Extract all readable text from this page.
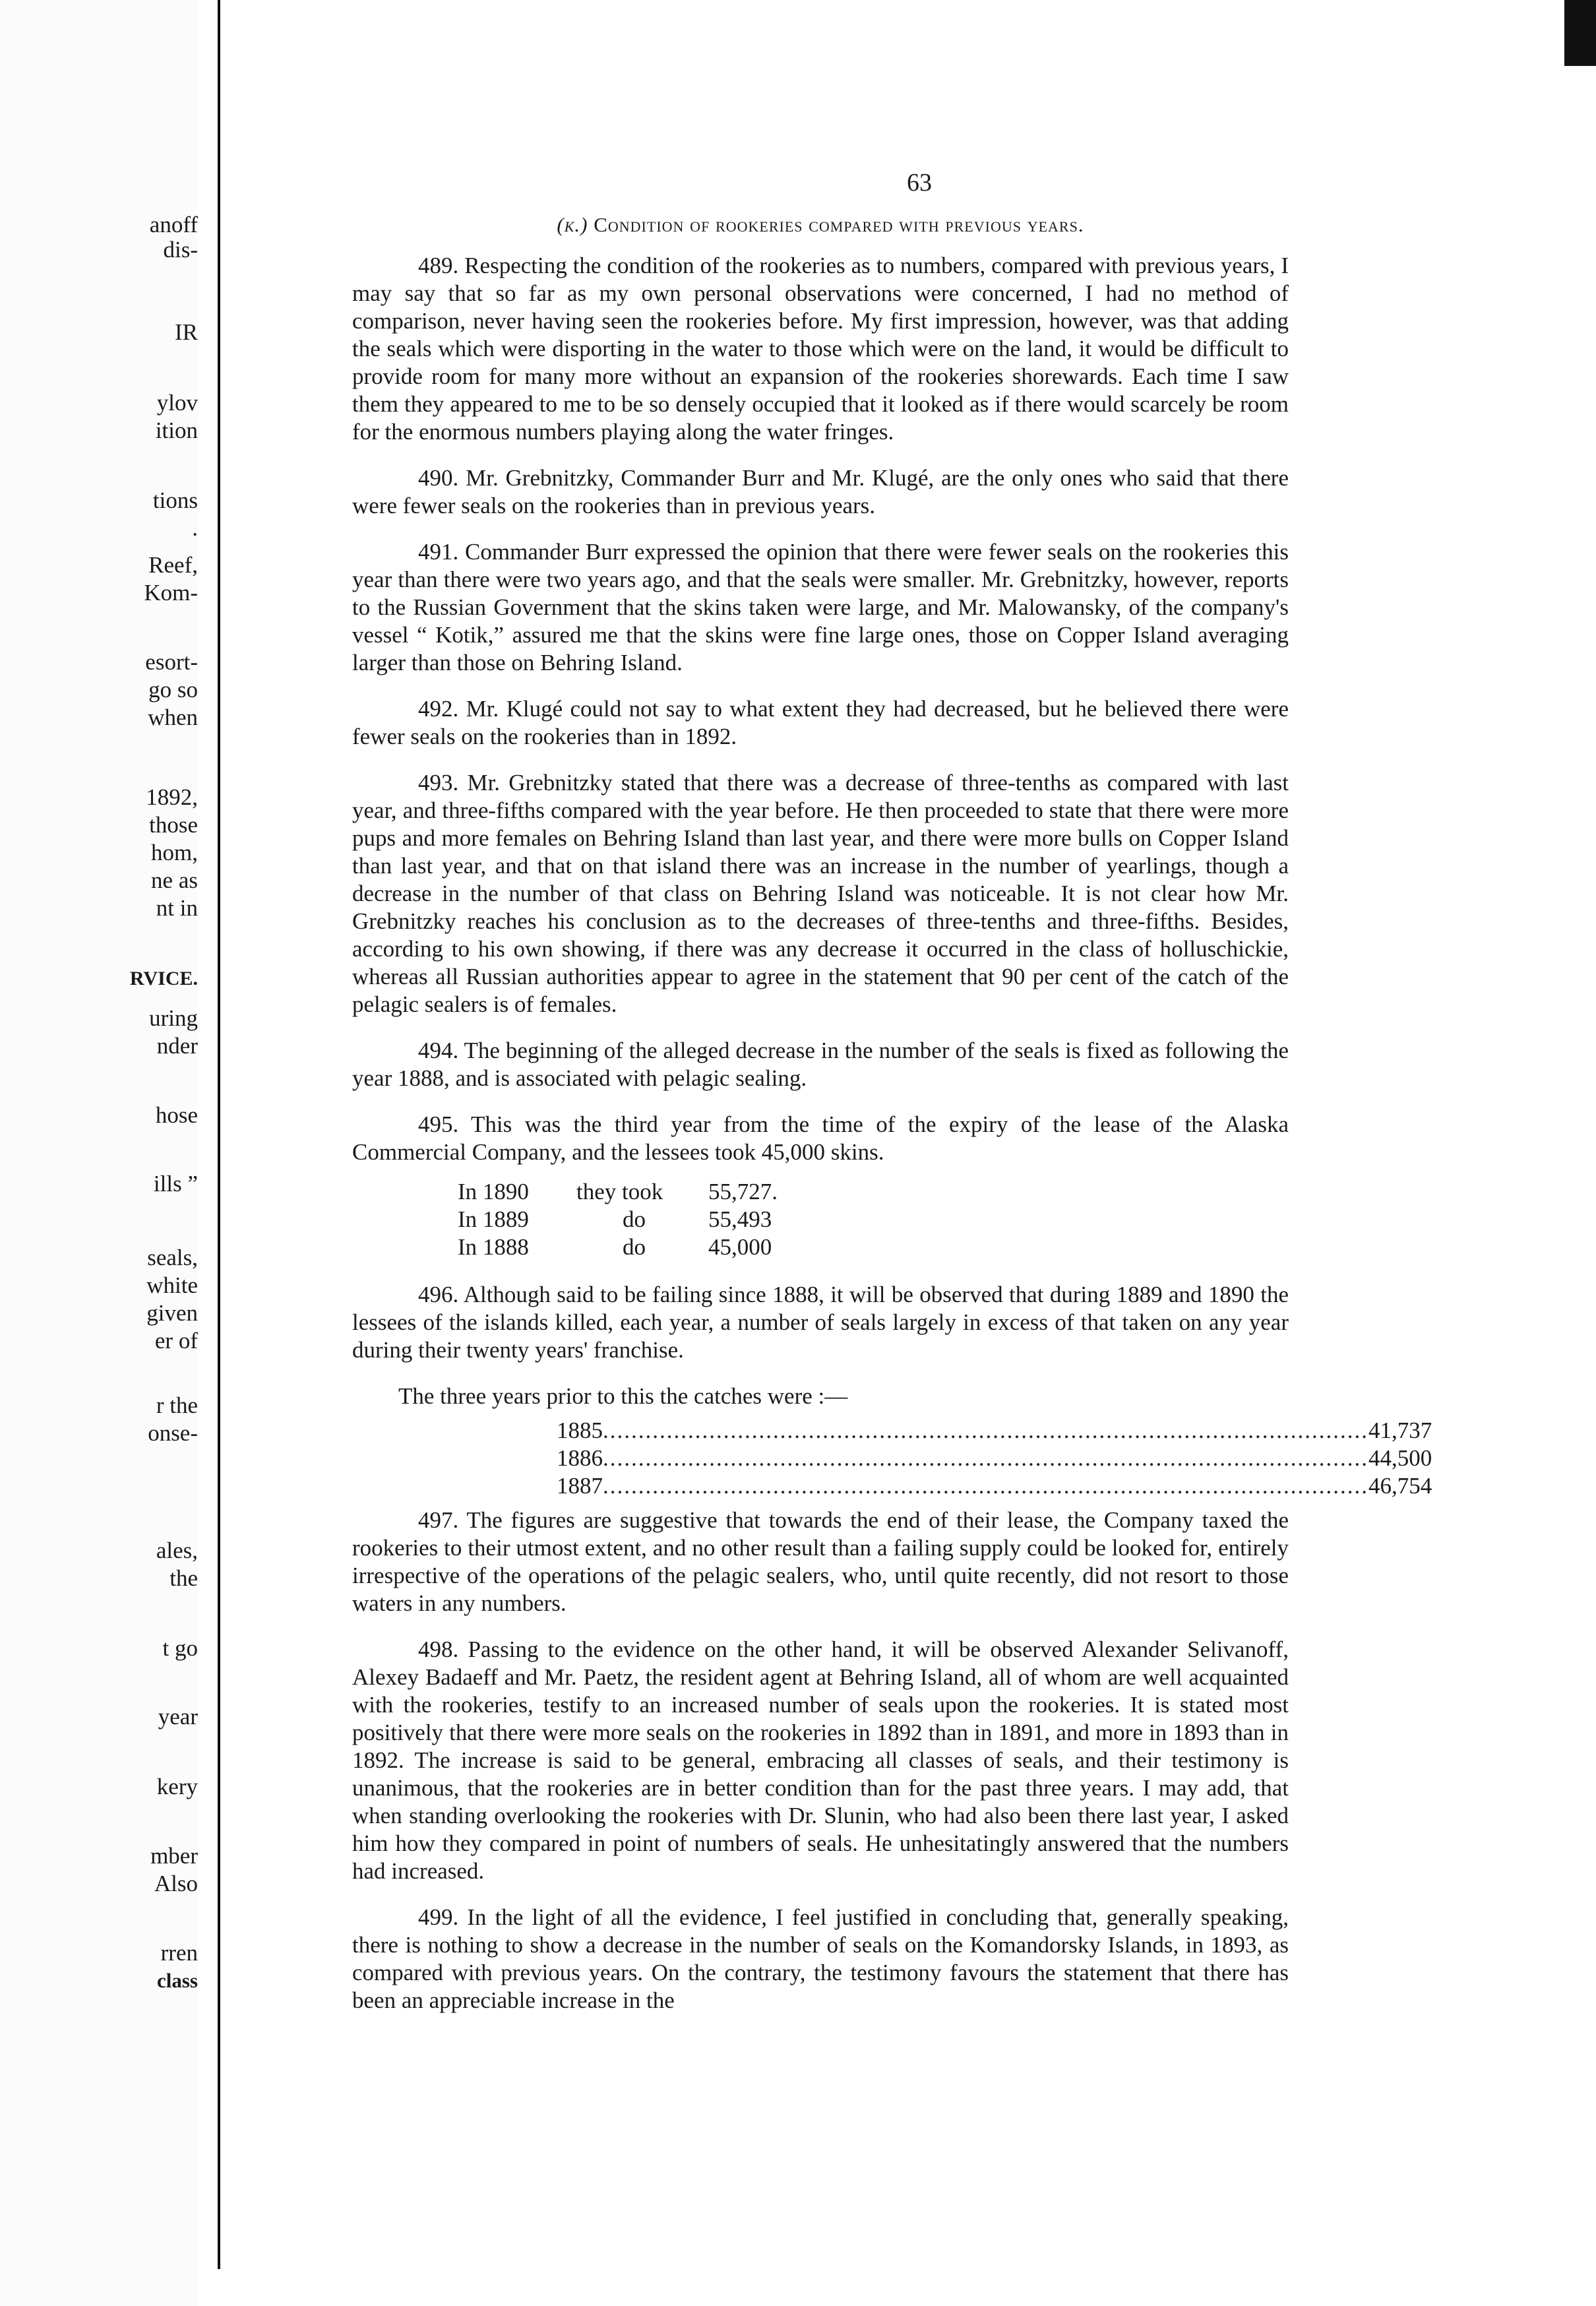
anoff
dis-
IR
ylov
ition
tions
.
Reef,
Kom-
esort-
go so
when
1892,
those
hom,
ne as
nt in
RVICE.
uring
nder
hose
ills ”
seals,
white
given
er of
r the
onse-
ales,
the
t go
year
kery
mber
Also
rren
class
63
(k.) Condition of rookeries compared with previous years.

489. Respecting the condition of the rookeries as to numbers, compared with previous years, I may say that so far as my own personal observations were concerned, I had no method of comparison, never having seen the rookeries before. My first impression, however, was that adding the seals which were disporting in the water to those which were on the land, it would be difficult to provide room for many more without an expansion of the rookeries shorewards. Each time I saw them they appeared to me to be so densely occupied that it looked as if there would scarcely be room for the enormous numbers playing along the water fringes.

490. Mr. Grebnitzky, Commander Burr and Mr. Klugé, are the only ones who said that there were fewer seals on the rookeries than in previous years.

491. Commander Burr expressed the opinion that there were fewer seals on the rookeries this year than there were two years ago, and that the seals were smaller. Mr. Grebnitzky, however, reports to the Russian Government that the skins taken were large, and Mr. Malowansky, of the company's vessel “ Kotik,” assured me that the skins were fine large ones, those on Copper Island averaging larger than those on Behring Island.

492. Mr. Klugé could not say to what extent they had decreased, but he believed there were fewer seals on the rookeries than in 1892.

493. Mr. Grebnitzky stated that there was a decrease of three-tenths as compared with last year, and three-fifths compared with the year before. He then proceeded to state that there were more pups and more females on Behring Island than last year, and there were more bulls on Copper Island than last year, and that on that island there was an increase in the number of yearlings, though a decrease in the number of that class on Behring Island was noticeable. It is not clear how Mr. Grebnitzky reaches his conclusion as to the decreases of three-tenths and three-fifths. Besides, according to his own showing, if there was any decrease it occurred in the class of holluschickie, whereas all Russian authorities appear to agree in the statement that 90 per cent of the catch of the pelagic sealers is of females.

494. The beginning of the alleged decrease in the number of the seals is fixed as following the year 1888, and is associated with pelagic sealing.

495. This was the third year from the time of the expiry of the lease of the Alaska Commercial Company, and the lessees took 45,000 skins.

In 1890	they took	55,727.
In 1889	do	55,493
In 1888	do	45,000

496. Although said to be failing since 1888, it will be observed that during 1889 and 1890 the lessees of the islands killed, each year, a number of seals largely in excess of that taken on any year during their twenty years' franchise.

The three years prior to this the catches were :—
1885 ............................................................................................................ 41,737
1886 ............................................................................................................ 44,500
1887 ............................................................................................................ 46,754

497. The figures are suggestive that towards the end of their lease, the Company taxed the rookeries to their utmost extent, and no other result than a failing supply could be looked for, entirely irrespective of the operations of the pelagic sealers, who, until quite recently, did not resort to those waters in any numbers.

498. Passing to the evidence on the other hand, it will be observed Alexander Selivanoff, Alexey Badaeff and Mr. Paetz, the resident agent at Behring Island, all of whom are well acquainted with the rookeries, testify to an increased number of seals upon the rookeries. It is stated most positively that there were more seals on the rookeries in 1892 than in 1891, and more in 1893 than in 1892. The increase is said to be general, embracing all classes of seals, and their testimony is unanimous, that the rookeries are in better condition than for the past three years. I may add, that when standing overlooking the rookeries with Dr. Slunin, who had also been there last year, I asked him how they compared in point of numbers of seals. He unhesitatingly answered that the numbers had increased.

499. In the light of all the evidence, I feel justified in concluding that, generally speaking, there is nothing to show a decrease in the number of seals on the Komandorsky Islands, in 1893, as compared with previous years. On the contrary, the testimony favours the statement that there has been an appreciable increase in the
